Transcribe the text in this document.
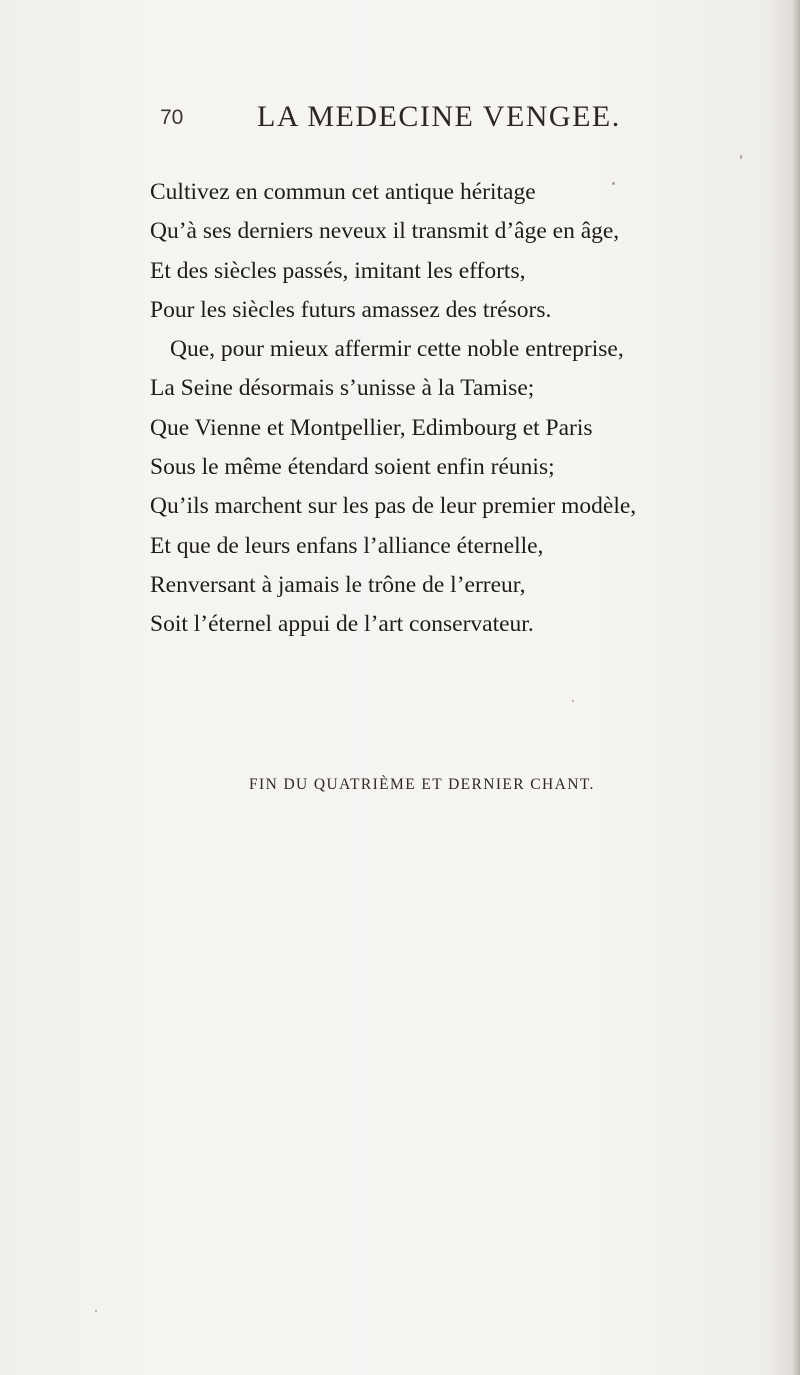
70 LA MEDECINE VENGEE.
Cultivez en commun cet antique héritage
Qu’à ses derniers neveux il transmit d’âge en âge,
Et des siècles passés, imitant les efforts,
Pour les siècles futurs amassez des trésors.
Que, pour mieux affermir cette noble entreprise,
La Seine désormais s’unisse à la Tamise;
Que Vienne et Montpellier, Edimbourg et Paris
Sous le même étendard soient enfin réunis;
Qu’ils marchent sur les pas de leur premier modèle,
Et que de leurs enfans l’alliance éternelle,
Renversant à jamais le trône de l’erreur,
Soit l’éternel appui de l’art conservateur.
FIN DU QUATRIÈME ET DERNIER CHANT.
